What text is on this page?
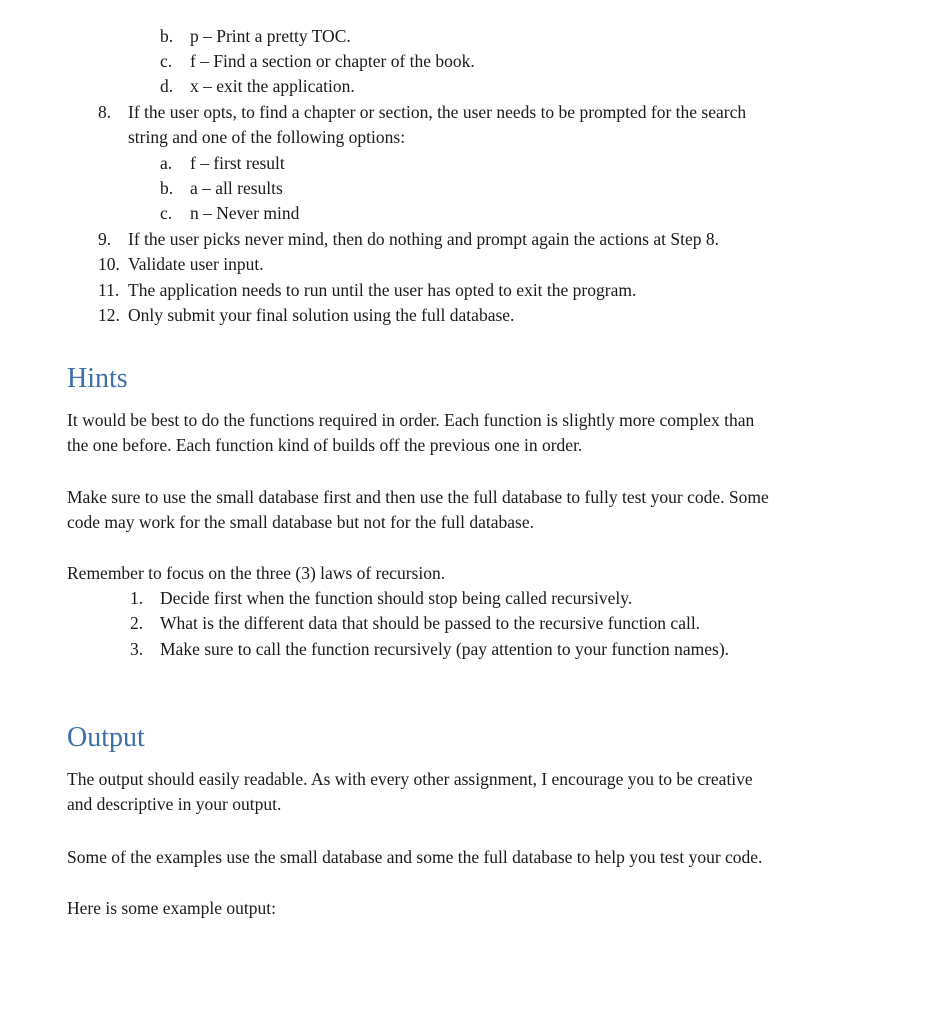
b. p – Print a pretty TOC.
c. f – Find a section or chapter of the book.
d. x – exit the application.
8. If the user opts, to find a chapter or section, the user needs to be prompted for the search
string and one of the following options:
a. f – first result
b. a – all results
c. n – Never mind
9. If the user picks never mind, then do nothing and prompt again the actions at Step 8.
10. Validate user input.
11. The application needs to run until the user has opted to exit the program.
12. Only submit your final solution using the full database.
Hints
It would be best to do the functions required in order. Each function is slightly more complex than
the one before. Each function kind of builds off the previous one in order.
Make sure to use the small database first and then use the full database to fully test your code. Some
code may work for the small database but not for the full database.
Remember to focus on the three (3) laws of recursion.
1. Decide first when the function should stop being called recursively.
2. What is the different data that should be passed to the recursive function call.
3. Make sure to call the function recursively (pay attention to your function names).
Output
The output should easily readable. As with every other assignment, I encourage you to be creative
and descriptive in your output.
Some of the examples use the small database and some the full database to help you test your code.
Here is some example output:
